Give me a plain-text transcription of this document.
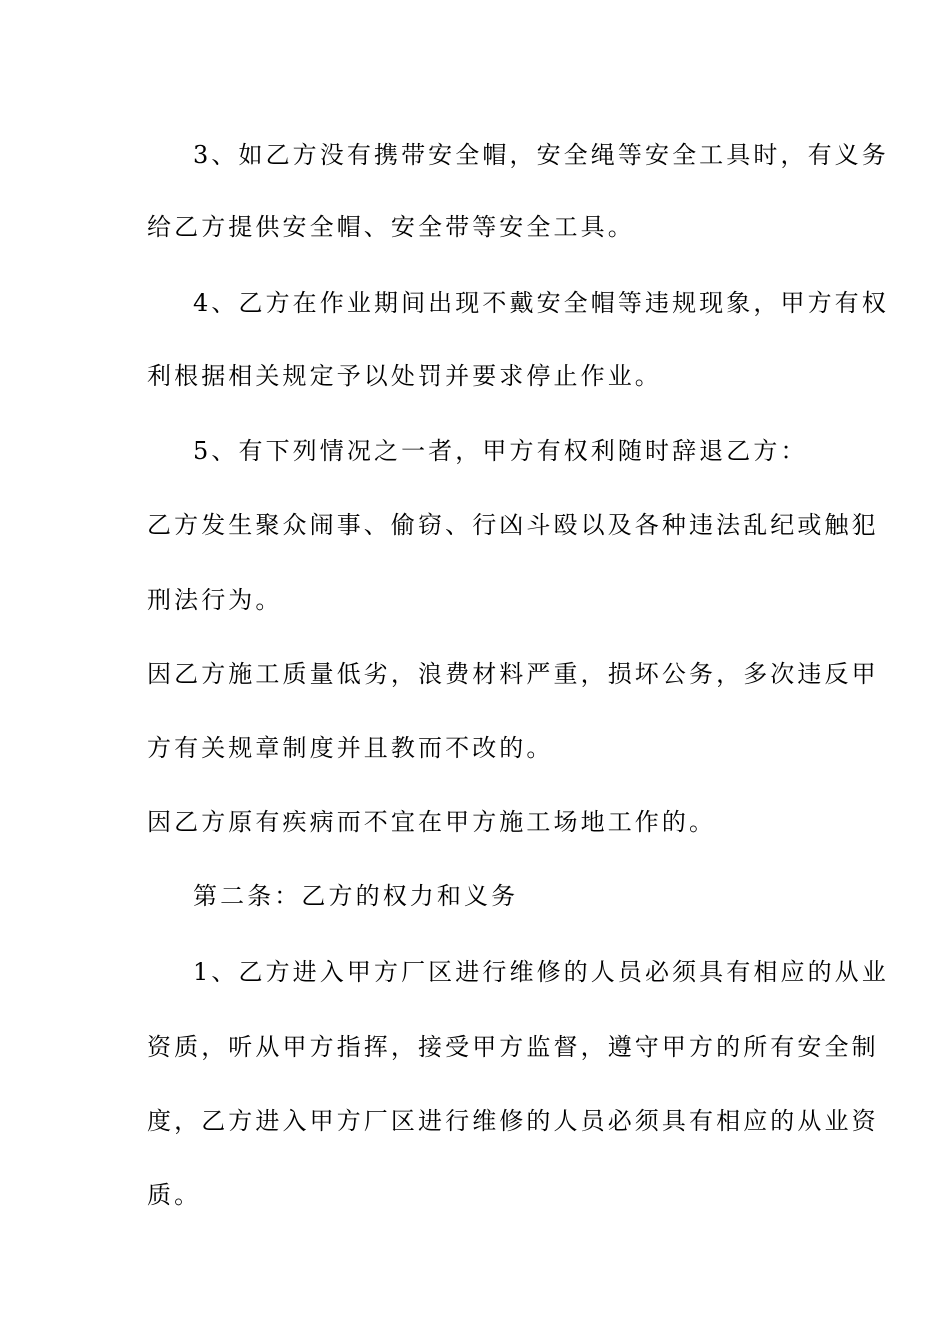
3、如乙方没有携带安全帽，安全绳等安全工具时，有义务
给乙方提供安全帽、安全带等安全工具。
4、乙方在作业期间出现不戴安全帽等违规现象，甲方有权
利根据相关规定予以处罚并要求停止作业。
5、有下列情况之一者，甲方有权利随时辞退乙方：
乙方发生聚众闹事、偷窃、行凶斗殴以及各种违法乱纪或触犯
刑法行为。
因乙方施工质量低劣，浪费材料严重，损坏公务，多次违反甲
方有关规章制度并且教而不改的。
因乙方原有疾病而不宜在甲方施工场地工作的。
第二条：乙方的权力和义务
1、乙方进入甲方厂区进行维修的人员必须具有相应的从业
资质，听从甲方指挥，接受甲方监督，遵守甲方的所有安全制
度，乙方进入甲方厂区进行维修的人员必须具有相应的从业资
质。
